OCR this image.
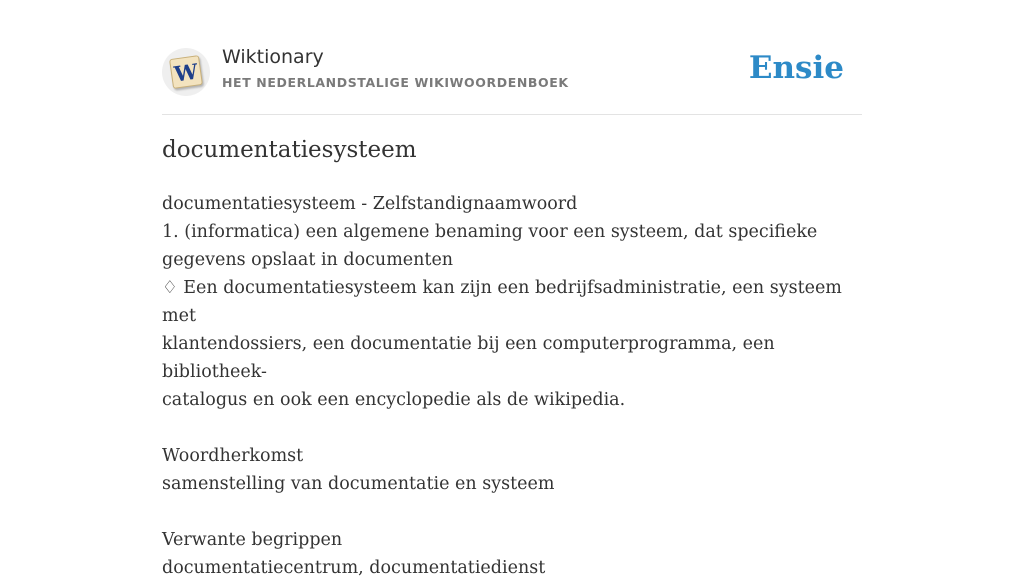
W
Wiktionary
HET NEDERLANDSTALIGE WIKIWOORDENBOEK	Ensie
documentatiesysteem

documentatiesysteem - Zelfstandignaamwoord

1. (informatica) een algemene benaming voor een systeem, dat specifieke

gegevens opslaat in documenten

♢ Een documentatiesysteem kan zijn een bedrijfsadministratie, een systeem met

klantendossiers, een documentatie bij een computerprogramma, een bibliotheek-

catalogus en ook een encyclopedie als de wikipedia.

Woordherkomst

samenstelling van documentatie en systeem

Verwante begrippen

documentatiecentrum, documentatiedienst
